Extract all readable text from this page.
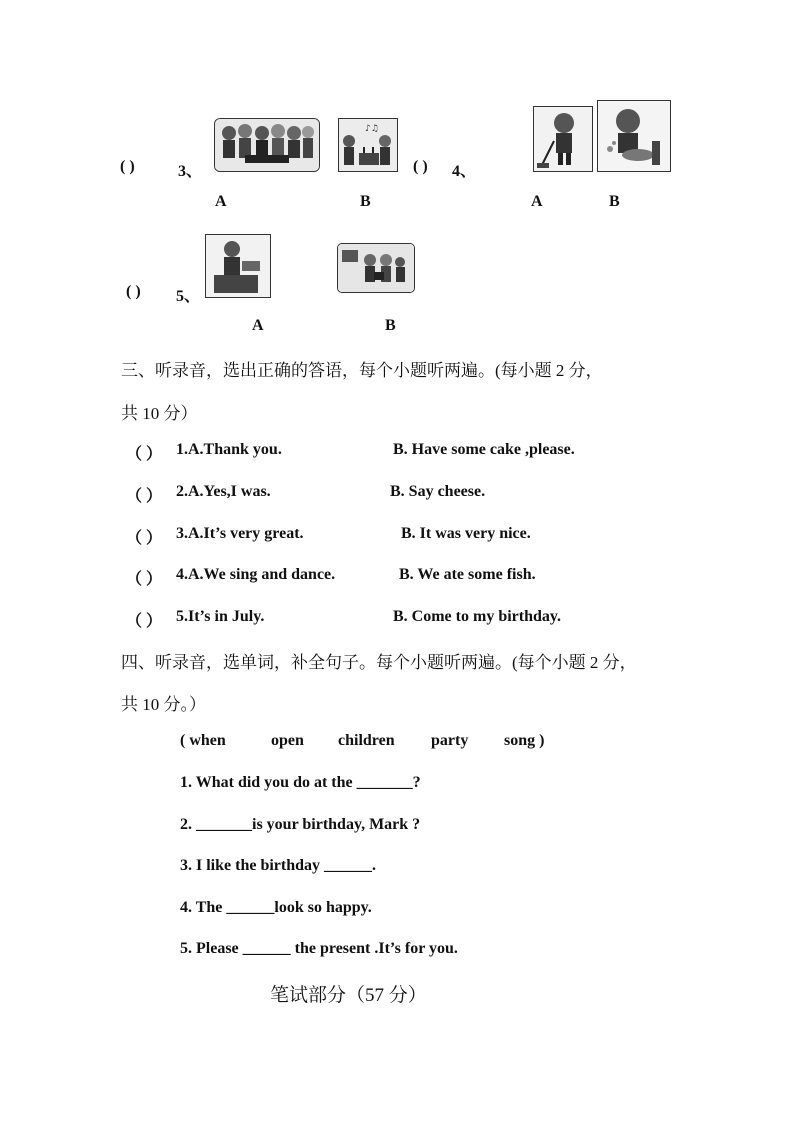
( )	3、
♪♫
( ) 4、
A	B	A	B
( ) 5、
A	B
三、听录音，选出正确的答语，每个小题听两遍。(每小题 2 分，
共 10 分）
（ ） 1.A.Thank you.	B. Have some cake ,please.
（ ） 2.A.Yes,I was.	B. Say cheese.
（ ） 3.A.It’s very great.	B. It was very nice.
（ ） 4.A.We sing and dance.	B. We ate some fish.
（ ） 5.It’s in July.	B. Come to my birthday.
四、听录音，选单词，补全句子。每个小题听两遍。(每个小题 2 分，
共 10 分。）
( when	open children party song )
1. What did you do at the _______?
2. _______is your birthday, Mark ?
3. I like the birthday ______.
4. The ______look so happy.
5. Please ______ the present .It’s for you.
笔试部分（57 分）
